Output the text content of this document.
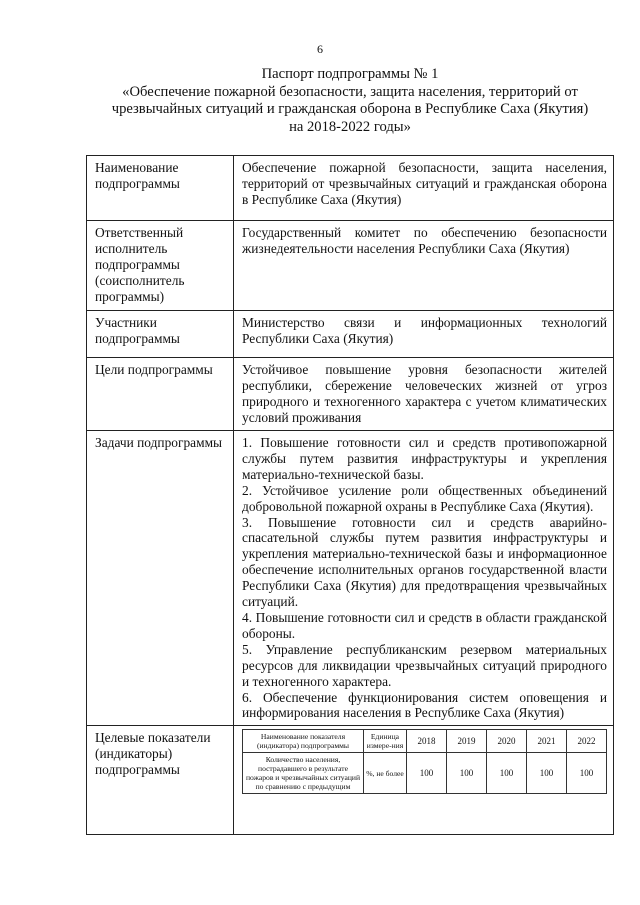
6
Паспорт подпрограммы № 1
«Обеспечение пожарной безопасности, защита населения, территорий от
чрезвычайных ситуаций и гражданская оборона в Республике Саха (Якутия)
на 2018-2022 годы»
Наименование подпрограммы	Обеспечение пожарной безопасности, защита населения, территорий от чрезвычайных ситуаций и гражданская оборона в Республике Саха (Якутия)
Ответственный исполнитель подпрограммы (соисполнитель программы)	Государственный комитет по обеспечению безопасности жизнедеятельности населения Республики Саха (Якутия)
Участники подпрограммы	Министерство связи и информационных технологий Республики Саха (Якутия)
Цели подпрограммы	Устойчивое повышение уровня безопасности жителей республики, сбережение человеческих жизней от угроз природного и техногенного характера с учетом климатических условий проживания
Задачи подпрограммы	1. Повышение готовности сил и средств противопожарной службы путем развития инфраструктуры и укрепления материально-технической базы.

2. Устойчивое усиление роли общественных объединений добровольной пожарной охраны в Республике Саха (Якутия).

3. Повышение готовности сил и средств аварийно-спасательной службы путем развития инфраструктуры и укрепления материально-технической базы и информационное обеспечение исполнительных органов государственной власти Республики Саха (Якутия) для предотвращения чрезвычайных ситуаций.

4. Повышение готовности сил и средств в области гражданской обороны.

5. Управление республиканским резервом материальных ресурсов для ликвидации чрезвычайных ситуаций природного и техногенного характера.

6. Обеспечение функционирования систем оповещения и информирования населения в Республике Саха (Якутия)

Целевые показатели (индикаторы) подпрограммы	
Наименование показателя (индикатора) подпрограммы	Единица измере-ния	2018	2019	2020	2021	2022
Количество населения, пострадавшего в результате пожаров и чрезвычайных ситуаций по сравнению с предыдущим	%, не более	100	100	100	100	100
